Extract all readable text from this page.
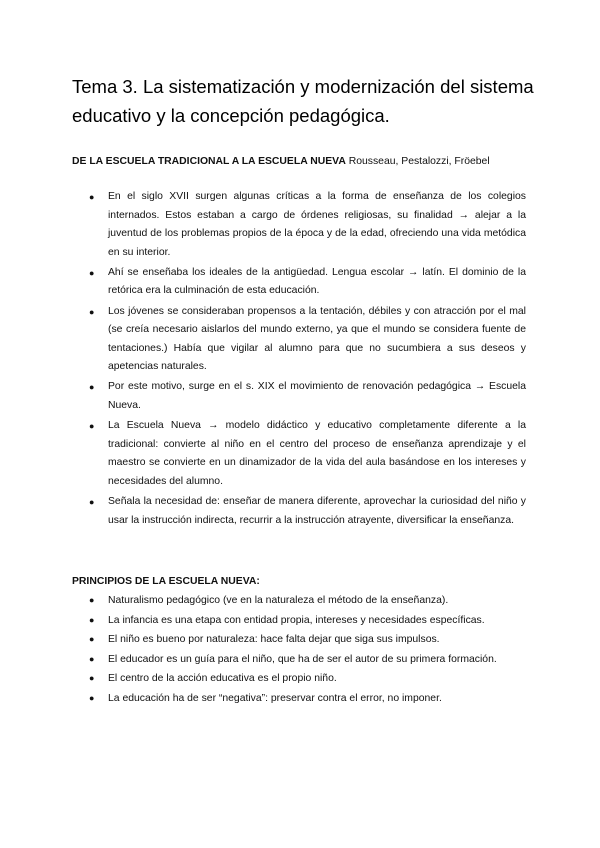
Tema 3. La sistematización y modernización del sistema educativo y la concepción pedagógica.

DE LA ESCUELA TRADICIONAL A LA ESCUELA NUEVA Rousseau, Pestalozzi, Fröebel

● En el siglo XVII surgen algunas críticas a la forma de enseñanza de los colegios internados. Estos estaban a cargo de órdenes religiosas, su finalidad → alejar a la juventud de los problemas propios de la época y de la edad, ofreciendo una vida metódica en su interior.
● Ahí se enseñaba los ideales de la antigüedad. Lengua escolar → latín. El dominio de la retórica era la culminación de esta educación.
● Los jóvenes se consideraban propensos a la tentación, débiles y con atracción por el mal (se creía necesario aislarlos del mundo externo, ya que el mundo se considera fuente de tentaciones.) Había que vigilar al alumno para que no sucumbiera a sus deseos y apetencias naturales.
● Por este motivo, surge en el s. XIX el movimiento de renovación pedagógica → Escuela Nueva.
● La Escuela Nueva → modelo didáctico y educativo completamente diferente a la tradicional: convierte al niño en el centro del proceso de enseñanza aprendizaje y el maestro se convierte en un dinamizador de la vida del aula basándose en los intereses y necesidades del alumno.
● Señala la necesidad de: enseñar de manera diferente, aprovechar la curiosidad del niño y usar la instrucción indirecta, recurrir a la instrucción atrayente, diversificar la enseñanza.

PRINCIPIOS DE LA ESCUELA NUEVA:

● Naturalismo pedagógico (ve en la naturaleza el método de la enseñanza).
● La infancia es una etapa con entidad propia, intereses y necesidades específicas.
● El niño es bueno por naturaleza: hace falta dejar que siga sus impulsos.
● El educador es un guía para el niño, que ha de ser el autor de su primera formación.
● El centro de la acción educativa es el propio niño.
● La educación ha de ser “negativa”: preservar contra el error, no imponer.
